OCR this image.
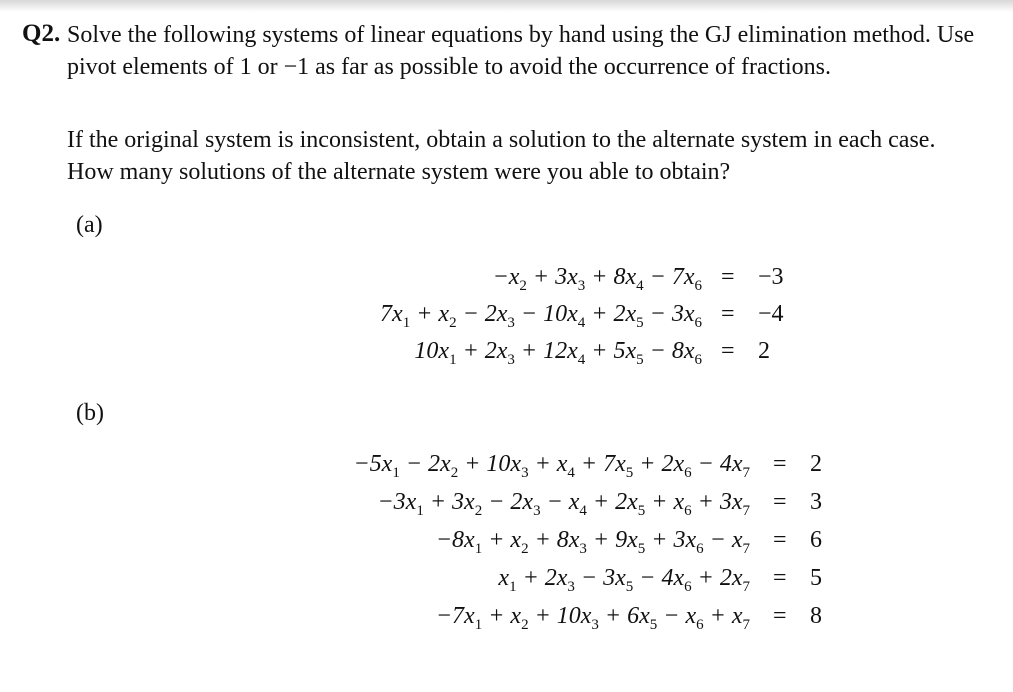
Q2. Solve the following systems of linear equations by hand using the GJ elimination method. Use pivot elements of 1 or −1 as far as possible to avoid the occurrence of fractions.

If the original system is inconsistent, obtain a solution to the alternate system in each case. How many solutions of the alternate system were you able to obtain?

(a)
$-x_2 + 3x_3 + 8x_4 - 7x_6 = -3$
$7x_1 + x_2 - 2x_3 - 10x_4 + 2x_5 - 3x_6 = -4$
$10x_1 + 2x_3 + 12x_4 + 5x_5 - 8x_6 = 2$
(b)
$-5x_1 - 2x_2 + 10x_3 + x_4 + 7x_5 + 2x_6 - 4x_7 = 2$
$-3x_1 + 3x_2 - 2x_3 - x_4 + 2x_5 + x_6 + 3x_7 = 3$
$-8x_1 + x_2 + 8x_3 + 9x_5 + 3x_6 - x_7 = 6$
$x_1 + 2x_3 - 3x_5 - 4x_6 + 2x_7 = 5$
$-7x_1 + x_2 + 10x_3 + 6x_5 - x_6 + x_7 = 8$
